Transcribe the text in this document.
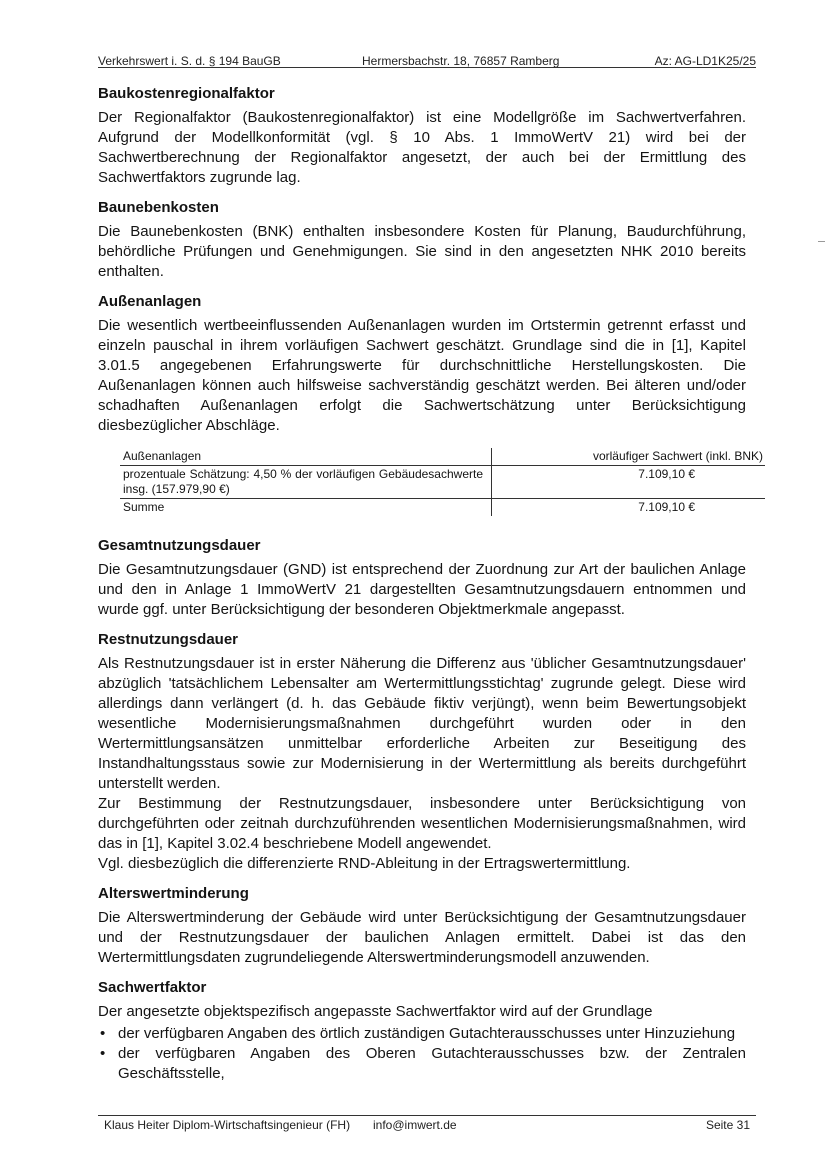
Verkehrswert i. S. d. § 194 BauGB	Hermersbachstr. 18, 76857 Ramberg	Az: AG-LD1K25/25
Baukostenregionalfaktor

Der Regionalfaktor (Baukostenregionalfaktor) ist eine Modellgröße im Sachwertverfahren. Aufgrund der Modellkonformität (vgl. § 10 Abs. 1 ImmoWertV 21) wird bei der Sachwertberechnung der Regionalfaktor angesetzt, der auch bei der Ermittlung des Sachwertfaktors zugrunde lag.

Baunebenkosten

Die Baunebenkosten (BNK) enthalten insbesondere Kosten für Planung, Baudurchführung, behördliche Prüfungen und Genehmigungen. Sie sind in den angesetzten NHK 2010 bereits enthalten.

Außenanlagen

Die wesentlich wertbeeinflussenden Außenanlagen wurden im Ortstermin getrennt erfasst und einzeln pauschal in ihrem vorläufigen Sachwert geschätzt. Grundlage sind die in [1], Kapitel 3.01.5 angegebenen Erfahrungswerte für durchschnittliche Herstellungskosten. Die Außenanlagen können auch hilfsweise sachverständig geschätzt werden. Bei älteren und/oder schadhaften Außenanlagen erfolgt die Sachwertschätzung unter Berücksichtigung diesbezüglicher Abschläge.

Außenanlagen	vorläufiger Sachwert (inkl. BNK)
prozentuale Schätzung: 4,50 % der vorläufigen Gebäudesachwerte insg. (157.979,90 €)	7.109,10 €
Summe	7.109,10 €
Gesamtnutzungsdauer

Die Gesamtnutzungsdauer (GND) ist entsprechend der Zuordnung zur Art der baulichen Anlage und den in Anlage 1 ImmoWertV 21 dargestellten Gesamtnutzungsdauern entnommen und wurde ggf. unter Berücksichtigung der besonderen Objektmerkmale angepasst.

Restnutzungsdauer

Als Restnutzungsdauer ist in erster Näherung die Differenz aus 'üblicher Gesamtnutzungsdauer' abzüglich 'tatsächlichem Lebensalter am Wertermittlungsstichtag' zugrunde gelegt. Diese wird allerdings dann verlängert (d. h. das Gebäude fiktiv verjüngt), wenn beim Bewertungsobjekt wesentliche Modernisierungsmaßnahmen durchgeführt wurden oder in den Wertermittlungsansätzen unmittelbar erforderliche Arbeiten zur Beseitigung des Instandhaltungsstaus sowie zur Modernisierung in der Wertermittlung als bereits durchgeführt unterstellt werden.

Zur Bestimmung der Restnutzungsdauer, insbesondere unter Berücksichtigung von durchgeführten oder zeitnah durchzuführenden wesentlichen Modernisierungsmaßnahmen, wird das in [1], Kapitel 3.02.4 beschriebene Modell angewendet.

Vgl. diesbezüglich die differenzierte RND-Ableitung in der Ertragswertermittlung.

Alterswertminderung

Die Alterswertminderung der Gebäude wird unter Berücksichtigung der Gesamtnutzungsdauer und der Restnutzungsdauer der baulichen Anlagen ermittelt. Dabei ist das den Wertermittlungsdaten zugrundeliegende Alterswertminderungsmodell anzuwenden.

Sachwertfaktor

Der angesetzte objektspezifisch angepasste Sachwertfaktor wird auf der Grundlage

• der verfügbaren Angaben des örtlich zuständigen Gutachterausschusses unter Hinzuziehung
• der verfügbaren Angaben des Oberen Gutachterausschusses bzw. der Zentralen Geschäftsstelle,
Klaus Heiter Diplom-Wirtschaftsingenieur (FH) info@imwert.de	Seite 31
